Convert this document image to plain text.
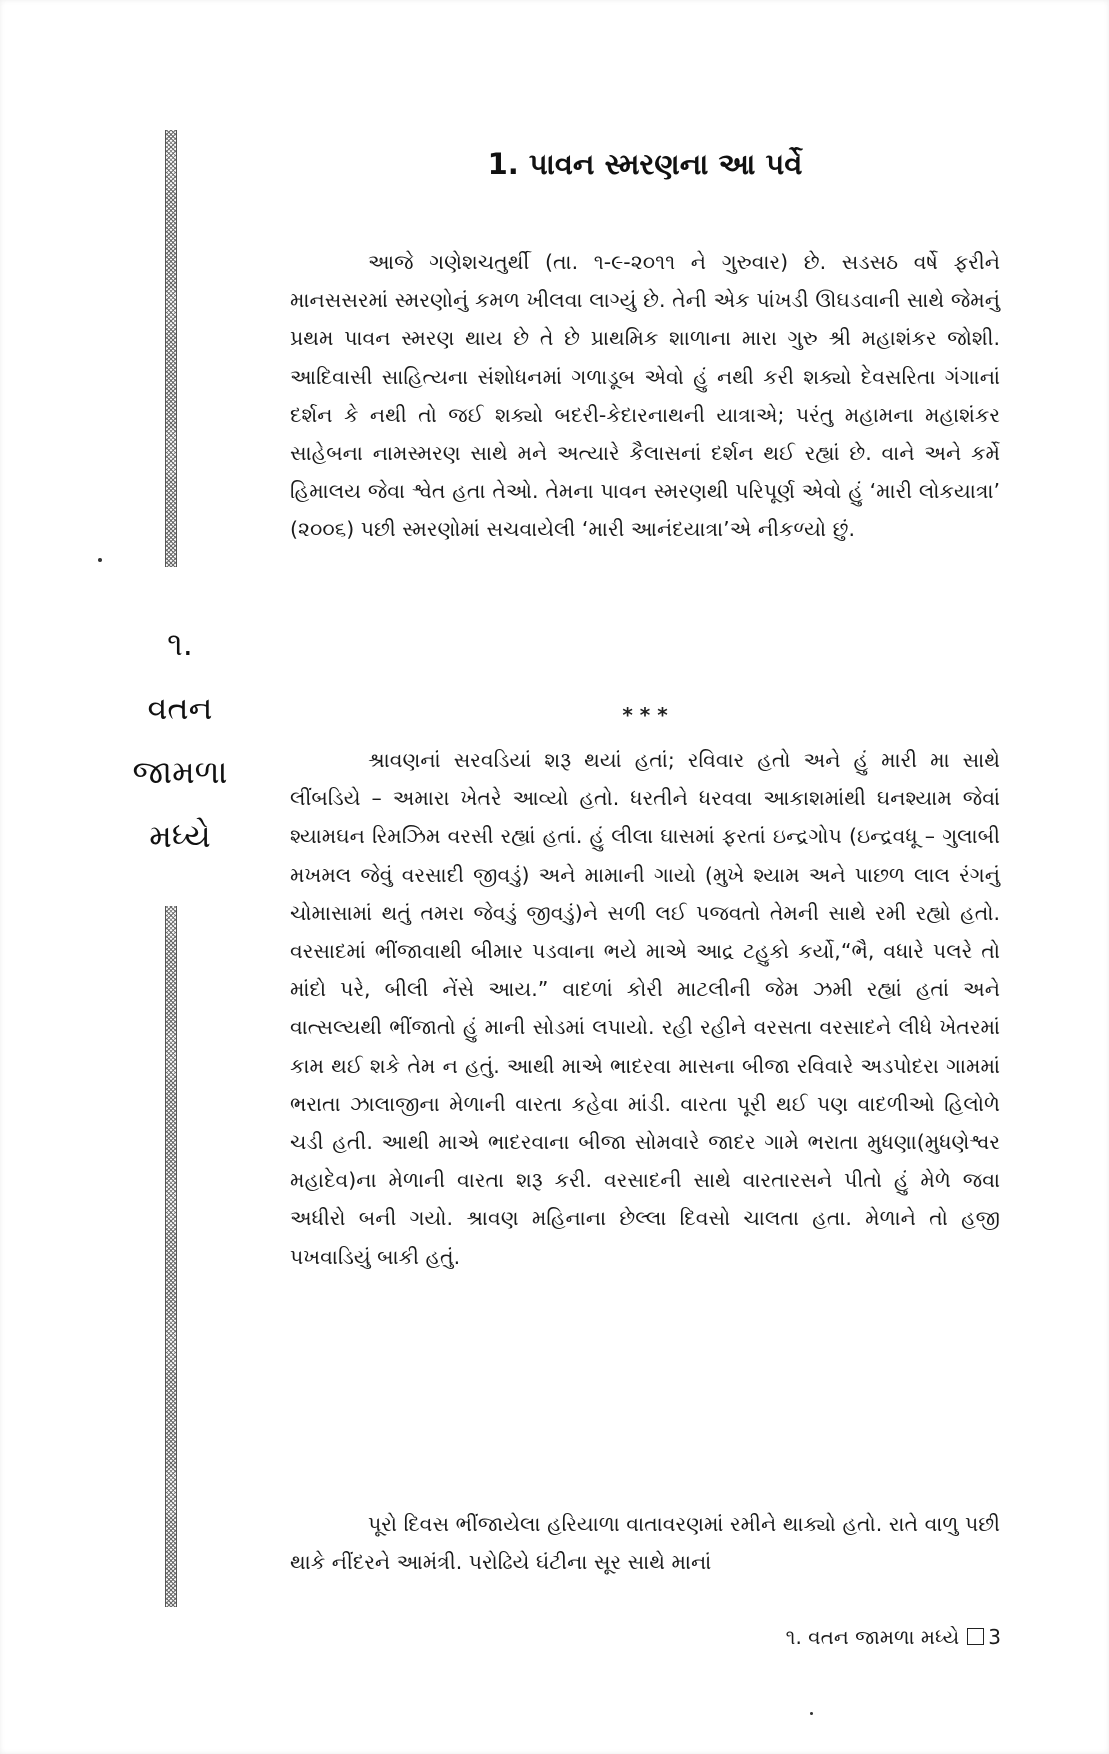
૧.
વતન
જામળા
મધ્યે
1. પાવન સ્મરણના આ પર્વે
આજે ગણેશચતુર્થી (તા. ૧-૯-૨૦૧૧ ને ગુરુવાર) છે. સડસઠ વર્ષે ફરીને માનસસરમાં સ્મરણોનું કમળ ખીલવા લાગ્યું છે. તેની એક પાંખડી ઊઘડવાની સાથે જેમનું પ્રથમ પાવન સ્મરણ થાય છે તે છે પ્રાથમિક શાળાના મારા ગુરુ શ્રી મહાશંકર જોશી. આદિવાસી સાહિત્યના સંશોધનમાં ગળાડૂબ એવો હું નથી કરી શક્યો દેવસરિતા ગંગાનાં દર્શન કે નથી તો જઈ શક્યો બદરી-કેદારનાથની યાત્રાએ; પરંતુ મહામના મહાશંકર સાહેબના નામસ્મરણ સાથે મને અત્યારે કૈલાસનાં દર્શન થઈ રહ્યાં છે. વાને અને કર્મે હિમાલય જેવા શ્વેત હતા તેઓ. તેમના પાવન સ્મરણથી પરિપૂર્ણ એવો હું ‘મારી લોકયાત્રા’ (૨૦૦૬) પછી સ્મરણોમાં સચવાયેલી ‘મારી આનંદયાત્રા’એ નીકળ્યો છું.
* * *
શ્રાવણનાં સરવડિયાં શરૂ થયાં હતાં; રવિવાર હતો અને હું મારી મા સાથે લીંબડિયે – અમારા ખેતરે આવ્યો હતો. ધરતીને ધરવવા આકાશમાંથી ઘનશ્યામ જેવાં શ્યામઘન રિમઝિમ વરસી રહ્યાં હતાં. હું લીલા ઘાસમાં ફરતાં ઇન્દ્રગોપ (ઇન્દ્રવધૂ – ગુલાબી મખમલ જેવું વરસાદી જીવડું) અને મામાની ગાયો (મુખે શ્યામ અને પાછળ લાલ રંગનું ચોમાસામાં થતું તમરા જેવડું જીવડું)ને સળી લઈ પજવતો તેમની સાથે રમી રહ્યો હતો. વરસાદમાં ભીંજાવાથી બીમાર પડવાના ભયે માએ આદ્ર ટહુકો કર્યો,“ભૈ, વધારે પલરે તો માંદો પરે, બીલી નેંસે આય.” વાદળાં કોરી માટલીની જેમ ઝમી રહ્યાં હતાં અને વાત્સલ્યથી ભીંજાતો હું માની સોડમાં લપાયો. રહી રહીને વરસતા વરસાદને લીધે ખેતરમાં કામ થઈ શકે તેમ ન હતું. આથી માએ ભાદરવા માસના બીજા રવિવારે અડપોદરા ગામમાં ભરાતા ઝાલાજીના મેળાની વારતા કહેવા માંડી. વારતા પૂરી થઈ પણ વાદળીઓ હિલોળે ચડી હતી. આથી માએ ભાદરવાના બીજા સોમવારે જાદર ગામે ભરાતા મુધણા(મુધણેશ્વર મહાદેવ)ના મેળાની વારતા શરૂ કરી. વરસાદની સાથે વારતારસને પીતો હું મેળે જવા અધીરો બની ગયો. શ્રાવણ મહિનાના છેલ્લા દિવસો ચાલતા હતા. મેળાને તો હજી પખવાડિયું બાકી હતું.
પૂરો દિવસ ભીંજાયેલા હરિયાળા વાતાવરણમાં રમીને થાક્યો હતો. રાતે વાળુ પછી થાકે નીંદરને આમંત્રી. પરોઢિયે ઘંટીના સૂર સાથે માનાં
૧. વતન જામળા મધ્યે 3
